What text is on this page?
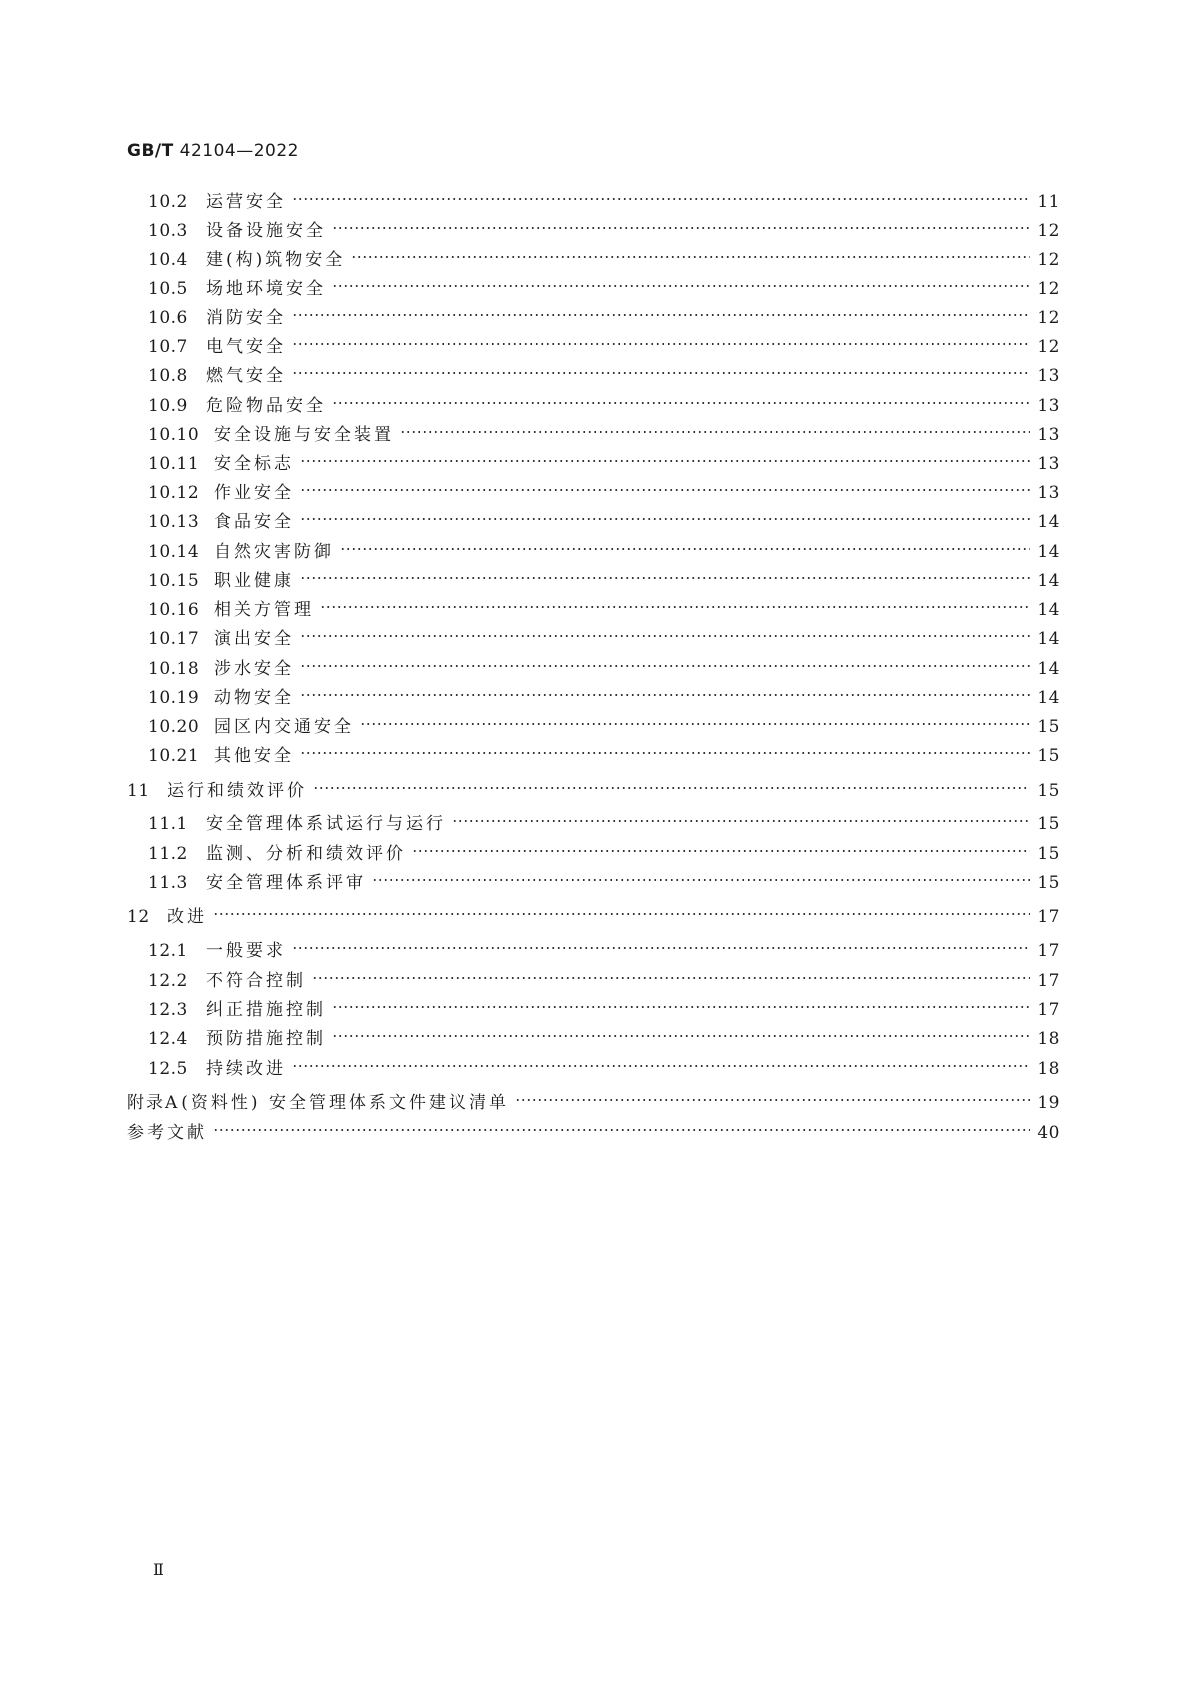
GB/T 42104—2022
10.2	运营安全	11
10.3	设备设施安全	12
10.4	建(构)筑物安全	12
10.5	场地环境安全	12
10.6	消防安全	12
10.7	电气安全	12
10.8	燃气安全	13
10.9	危险物品安全	13
10.10 安全设施与安全装置	13
10.11 安全标志	13
10.12 作业安全	13
10.13 食品安全	14
10.14 自然灾害防御	14
10.15 职业健康	14
10.16 相关方管理	14
10.17 演出安全	14
10.18 涉水安全	14
10.19 动物安全	14
10.20 园区内交通安全	15
10.21 其他安全	15
11	运行和绩效评价	15
11.1	安全管理体系试运行与运行	15
11.2	监测、分析和绩效评价	15
11.3	安全管理体系评审	15
12	改进	17
12.1	一般要求	17
12.2	不符合控制	17
12.3	纠正措施控制	17
12.4	预防措施控制	18
12.5	持续改进	18
附录A (资料性) 安全管理体系文件建议清单	19
参考文献	40
Ⅱ
